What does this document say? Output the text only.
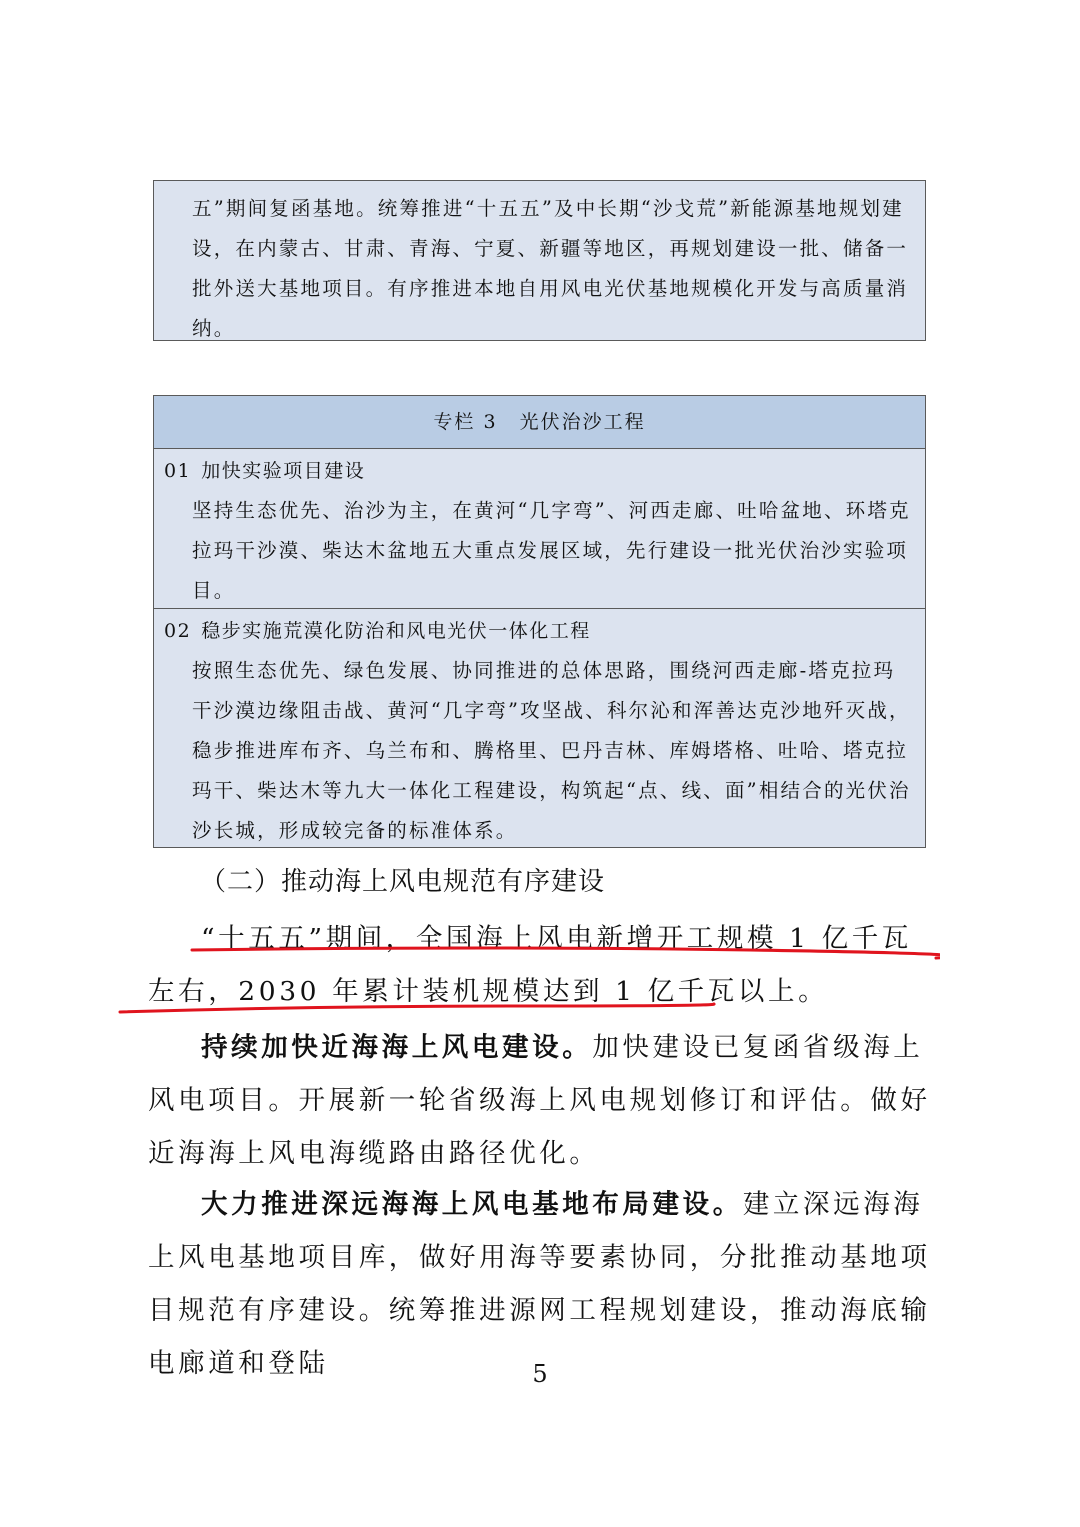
五”期间复函基地。统筹推进“十五五”及中长期“沙戈荒”新能源基地规划建设，在内蒙古、甘肃、青海、宁夏、新疆等地区，再规划建设一批、储备一批外送大基地项目。有序推进本地自用风电光伏基地规模化开发与高质量消纳。
专栏 3 光伏治沙工程
01 加快实验项目建设
坚持生态优先、治沙为主，在黄河“几字弯”、河西走廊、吐哈盆地、环塔克拉玛干沙漠、柴达木盆地五大重点发展区域，先行建设一批光伏治沙实验项目。
02 稳步实施荒漠化防治和风电光伏一体化工程
按照生态优先、绿色发展、协同推进的总体思路，围绕河西走廊-塔克拉玛干沙漠边缘阻击战、黄河“几字弯”攻坚战、科尔沁和浑善达克沙地歼灭战，稳步推进库布齐、乌兰布和、腾格里、巴丹吉林、库姆塔格、吐哈、塔克拉玛干、柴达木等九大一体化工程建设，构筑起“点、线、面”相结合的光伏治沙长城，形成较完备的标准体系。
（二）推动海上风电规范有序建设
“十五五”期间，全国海上风电新增开工规模 1 亿千瓦左右，2030 年累计装机规模达到 1 亿千瓦以上。
持续加快近海海上风电建设。加快建设已复函省级海上风电项目。开展新一轮省级海上风电规划修订和评估。做好近海海上风电海缆路由路径优化。
大力推进深远海海上风电基地布局建设。建立深远海海上风电基地项目库，做好用海等要素协同，分批推动基地项目规范有序建设。统筹推进源网工程规划建设，推动海底输电廊道和登陆	5
